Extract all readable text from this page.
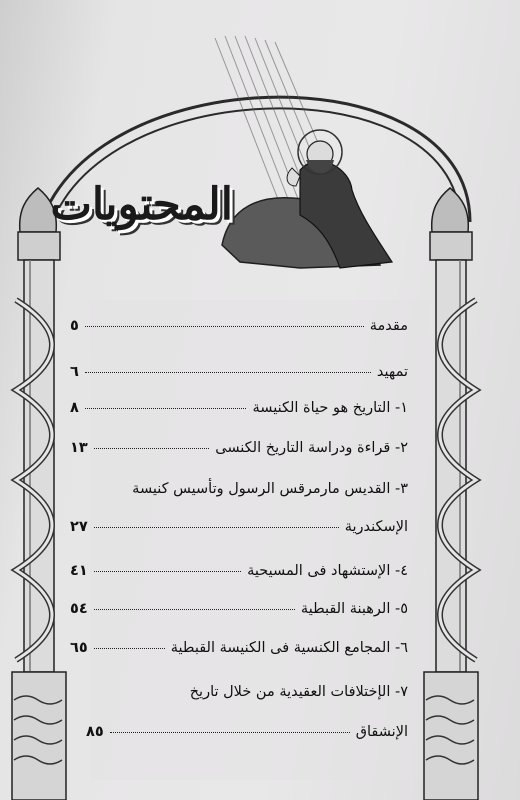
المحتويات
مقدمة
٥
تمهيد
٦
١- التاريخ هو حياة الكنيسة
٨
٢- قراءة ودراسة التاريخ الكنسى
١٣
٣- القديس مارمرقس الرسول وتأسيس كنيسة
الإسكندرية
٢٧
٤- الإستشهاد فى المسيحية
٤١
٥- الرهبنة القبطية
٥٤
٦- المجامع الكنسية فى الكنيسة القبطية
٦٥
٧- الإختلافات العقيدية من خلال تاريخ
الإنشقاق
٨٥
